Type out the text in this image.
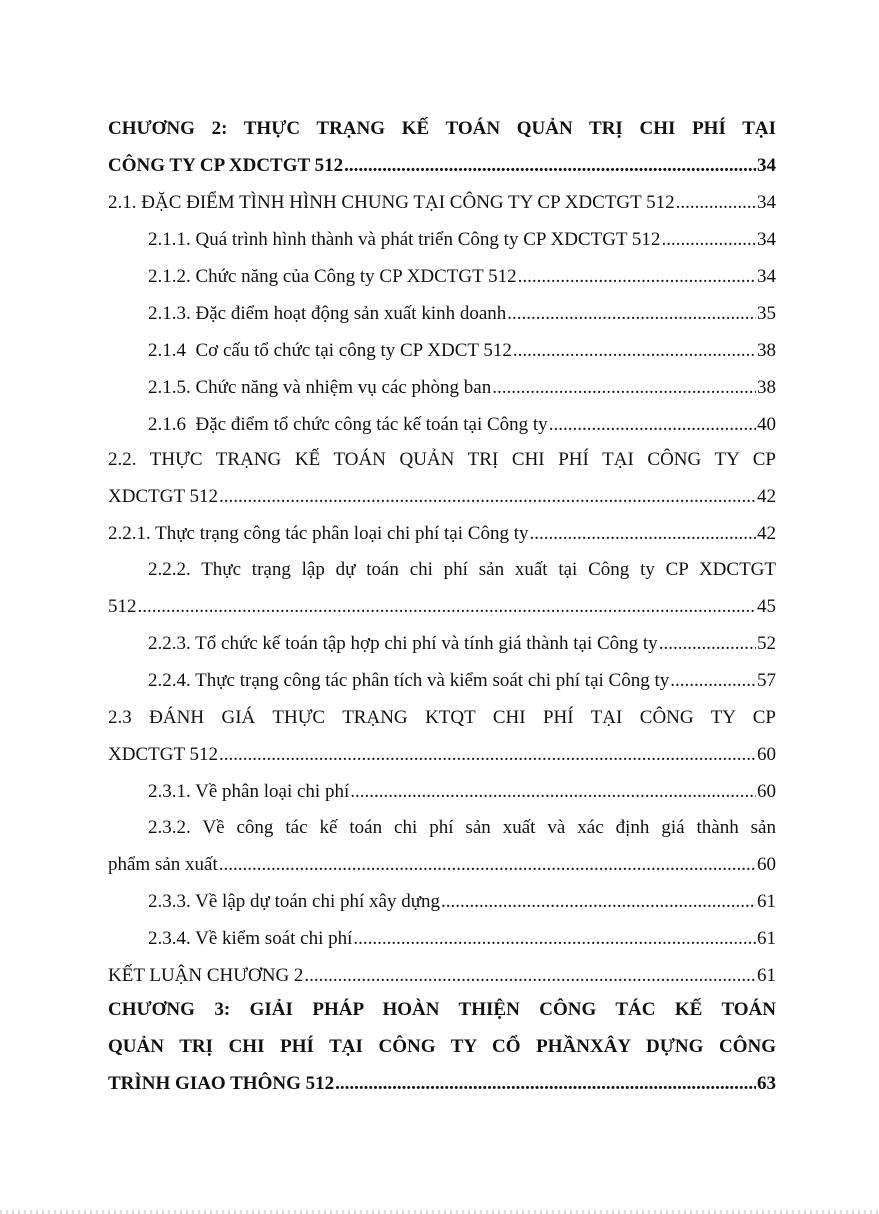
CHƯƠNG 2: THỰC TRẠNG KẾ TOÁN QUẢN TRỊ CHI PHÍ TẠI
CÔNG TY CP XDCTGT 512 .....	34
2.1. ĐẶC ĐIỂM TÌNH HÌNH CHUNG TẠI CÔNG TY CP XDCTGT 512 .....	34
2.1.1. Quá trình hình thành và phát triển Công ty CP XDCTGT 512 .....	34
2.1.2. Chức năng của Công ty CP XDCTGT 512 .....	34
2.1.3. Đặc điểm hoạt động sản xuất kinh doanh .....	35
2.1.4  Cơ cấu tổ chức tại công ty CP XDCT 512 .....	38
2.1.5. Chức năng và nhiệm vụ các phòng ban .....	38
2.1.6  Đặc điểm tổ chức công tác kế toán tại Công ty .....	40
2.2. THỰC TRẠNG KẾ TOÁN QUẢN TRỊ CHI PHÍ TẠI CÔNG TY CP
XDCTGT 512 .....	42
2.2.1. Thực trạng công tác phân loại chi phí tại Công ty .....	42
2.2.2. Thực trạng lập dự toán chi phí sản xuất tại Công ty CP XDCTGT
512 .....	45
2.2.3. Tổ chức kế toán tập hợp chi phí và tính giá thành tại Công ty .....	52
2.2.4. Thực trạng công tác phân tích và kiểm soát chi phí tại Công ty .....	57
2.3 ĐÁNH GIÁ THỰC TRẠNG KTQT CHI PHÍ TẠI CÔNG TY CP
XDCTGT 512 .....	60
2.3.1. Về phân loại chi phí .....	60
2.3.2. Về công tác kế toán chi phí sản xuất và xác định giá thành sản
phẩm sản xuất .....	60
2.3.3. Về lập dự toán chi phí xây dựng .....	61
2.3.4. Về kiểm soát chi phí .....	61
KẾT LUẬN CHƯƠNG 2 .....	61
CHƯƠNG 3: GIẢI PHÁP HOÀN THIỆN CÔNG TÁC KẾ TOÁN
QUẢN TRỊ CHI PHÍ TẠI CÔNG TY CỔ PHẦNXÂY DỰNG CÔNG
TRÌNH GIAO THÔNG 512 .....	63
